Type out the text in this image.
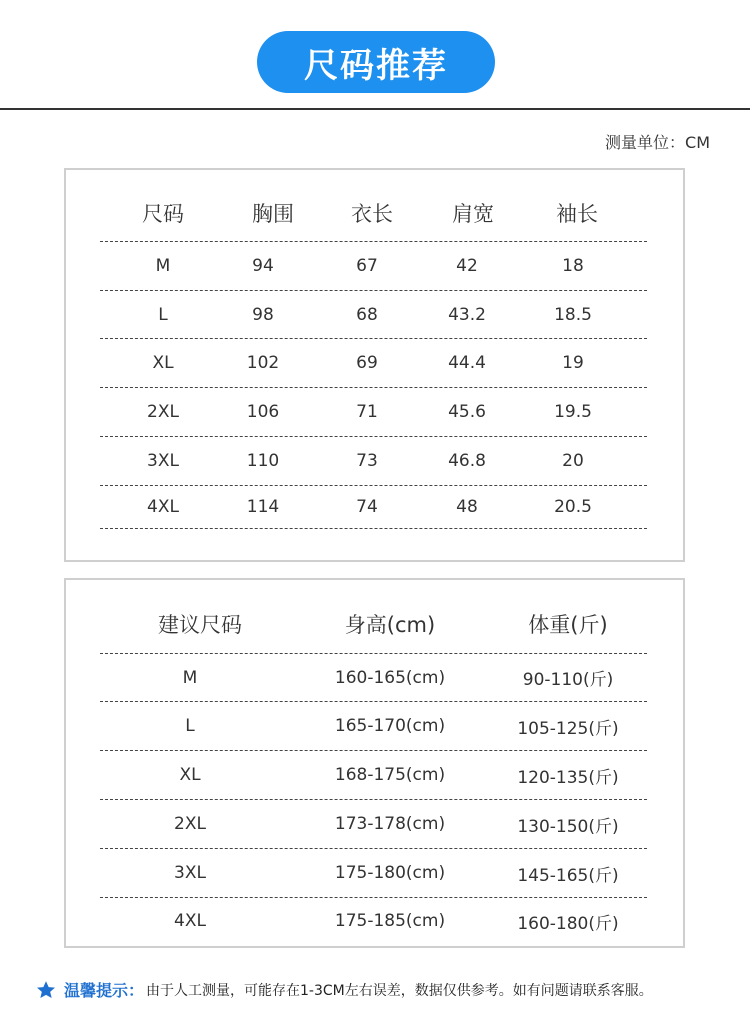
尺码推荐
测量单位：CM
尺码	胸围	衣长	肩宽	袖长
M	94	67	42	18
L	98	68	43.2	18.5
XL	102	69	44.4	19
2XL	106	71	45.6	19.5
3XL	110	73	46.8	20
4XL	114	74	48	20.5
建议尺码	身高(cm)	体重(斤)
M	160-165(cm)	90-110(斤)
L	165-170(cm)	105-125(斤)
XL	168-175(cm)	120-135(斤)
2XL	173-178(cm)	130-150(斤)
3XL	175-180(cm)	145-165(斤)
4XL	175-185(cm)	160-180(斤)
温馨提示： 由于人工测量，可能存在1-3CM左右误差，数据仅供参考。如有问题请联系客服。
